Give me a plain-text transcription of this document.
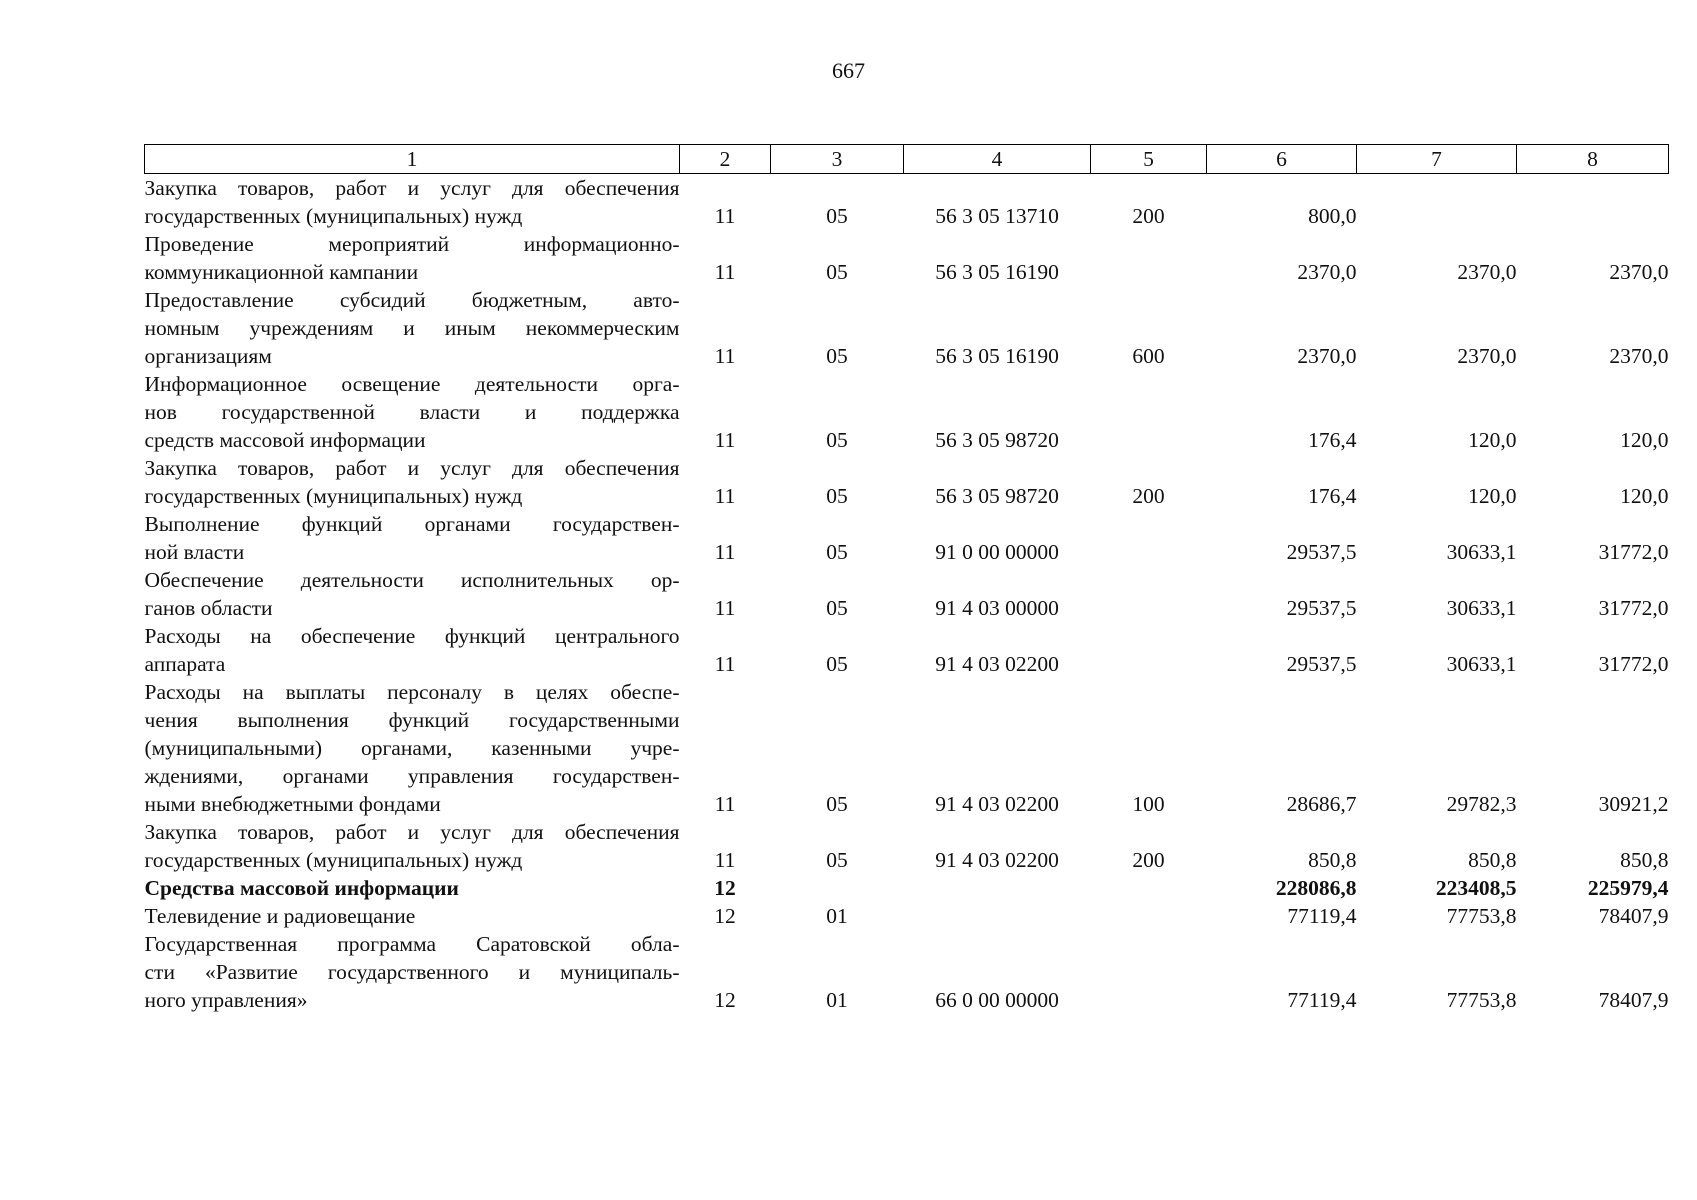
667
1	2	3	4	5	6	7	8

Закупка товаров, работ и услуг для обеспечения
государственных (муниципальных) нужд	11	05	56 3 05 13710	200	800,0		

Проведение мероприятий информационно-
коммуникационной кампании	11	05	56 3 05 16190		2370,0	2370,0	2370,0

Предоставление субсидий бюджетным, авто-
номным учреждениям и иным некоммерческим
организациям	11	05	56 3 05 16190	600	2370,0	2370,0	2370,0

Информационное освещение деятельности орга-
нов государственной власти и поддержка
средств массовой информации	11	05	56 3 05 98720		176,4	120,0	120,0

Закупка товаров, работ и услуг для обеспечения
государственных (муниципальных) нужд	11	05	56 3 05 98720	200	176,4	120,0	120,0

Выполнение функций органами государствен-
ной власти	11	05	91 0 00 00000		29537,5	30633,1	31772,0

Обеспечение деятельности исполнительных ор-
ганов области	11	05	91 4 03 00000		29537,5	30633,1	31772,0

Расходы на обеспечение функций центрального
аппарата	11	05	91 4 03 02200		29537,5	30633,1	31772,0

Расходы на выплаты персоналу в целях обеспе-
чения выполнения функций государственными
(муниципальными) органами, казенными учре-
ждениями, органами управления государствен-
ными внебюджетными фондами	11	05	91 4 03 02200	100	28686,7	29782,3	30921,2

Закупка товаров, работ и услуг для обеспечения
государственных (муниципальных) нужд	11	05	91 4 03 02200	200	850,8	850,8	850,8

Средства массовой информации	12				228086,8	223408,5	225979,4

Телевидение и радиовещание	12	01			77119,4	77753,8	78407,9

Государственная программа Саратовской обла-
сти «Развитие государственного и муниципаль-
ного управления»	12	01	66 0 00 00000		77119,4	77753,8	78407,9
